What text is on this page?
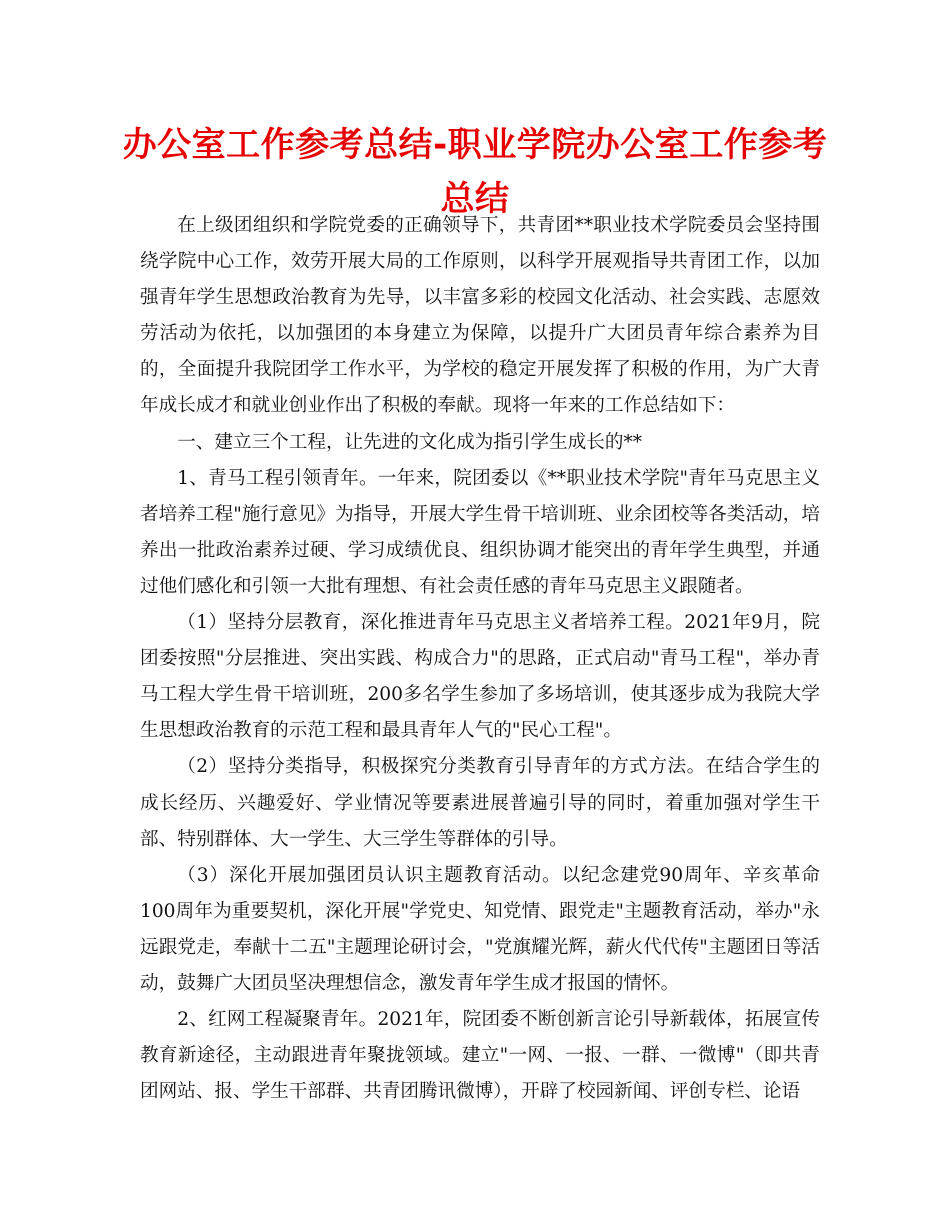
办公室工作参考总结-职业学院办公室工作参考总结

在上级团组织和学院党委的正确领导下，共青团**职业技术学院委员会坚持围绕学院中心工作，效劳开展大局的工作原则，以科学开展观指导共青团工作，以加强青年学生思想政治教育为先导，以丰富多彩的校园文化活动、社会实践、志愿效劳活动为依托，以加强团的本身建立为保障，以提升广大团员青年综合素养为目的，全面提升我院团学工作水平，为学校的稳定开展发挥了积极的作用，为广大青年成长成才和就业创业作出了积极的奉献。现将一年来的工作总结如下：

一、建立三个工程，让先进的文化成为指引学生成长的**

1、青马工程引领青年。一年来，院团委以《**职业技术学院"青年马克思主义者培养工程"施行意见》为指导，开展大学生骨干培训班、业余团校等各类活动，培养出一批政治素养过硬、学习成绩优良、组织协调才能突出的青年学生典型，并通过他们感化和引领一大批有理想、有社会责任感的青年马克思主义跟随者。

（1）坚持分层教育，深化推进青年马克思主义者培养工程。2021年9月，院团委按照"分层推进、突出实践、构成合力"的思路，正式启动"青马工程"，举办青马工程大学生骨干培训班，200多名学生参加了多场培训，使其逐步成为我院大学生思想政治教育的示范工程和最具青年人气的"民心工程"。

（2）坚持分类指导，积极探究分类教育引导青年的方式方法。在结合学生的成长经历、兴趣爱好、学业情况等要素进展普遍引导的同时，着重加强对学生干部、特别群体、大一学生、大三学生等群体的引导。

（3）深化开展加强团员认识主题教育活动。以纪念建党90周年、辛亥革命100周年为重要契机，深化开展"学党史、知党情、跟党走"主题教育活动，举办"永远跟党走，奉献十二五"主题理论研讨会，"党旗耀光辉，薪火代代传"主题团日等活动，鼓舞广大团员坚决理想信念，激发青年学生成才报国的情怀。

2、红网工程凝聚青年。2021年，院团委不断创新言论引导新载体，拓展宣传教育新途径，主动跟进青年聚拢领域。建立"一网、一报、一群、一微博"（即共青团网站、报、学生干部群、共青团腾讯微博），开辟了校园新闻、评创专栏、论语
